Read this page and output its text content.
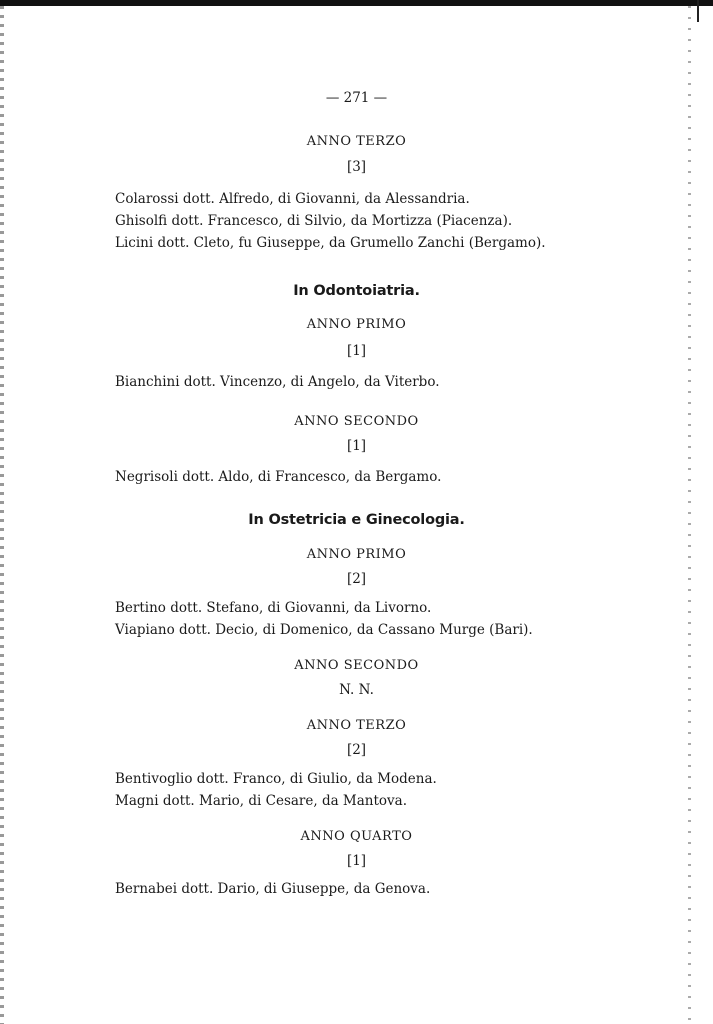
— 271 —
ANNO TERZO
[3]
Colarossi dott. Alfredo, di Giovanni, da Alessandria.
Ghisolfi dott. Francesco, di Silvio, da Mortizza (Piacenza).
Licini dott. Cleto, fu Giuseppe, da Grumello Zanchi (Bergamo).
In Odontoiatria.
ANNO PRIMO
[1]
Bianchini dott. Vincenzo, di Angelo, da Viterbo.
ANNO SECONDO
[1]
Negrisoli dott. Aldo, di Francesco, da Bergamo.
In Ostetricia e Ginecologia.
ANNO PRIMO
[2]
Bertino dott. Stefano, di Giovanni, da Livorno.
Viapiano dott. Decio, di Domenico, da Cassano Murge (Bari).
ANNO SECONDO
N. N.
ANNO TERZO
[2]
Bentivoglio dott. Franco, di Giulio, da Modena.
Magni dott. Mario, di Cesare, da Mantova.
ANNO QUARTO
[1]
Bernabei dott. Dario, di Giuseppe, da Genova.
